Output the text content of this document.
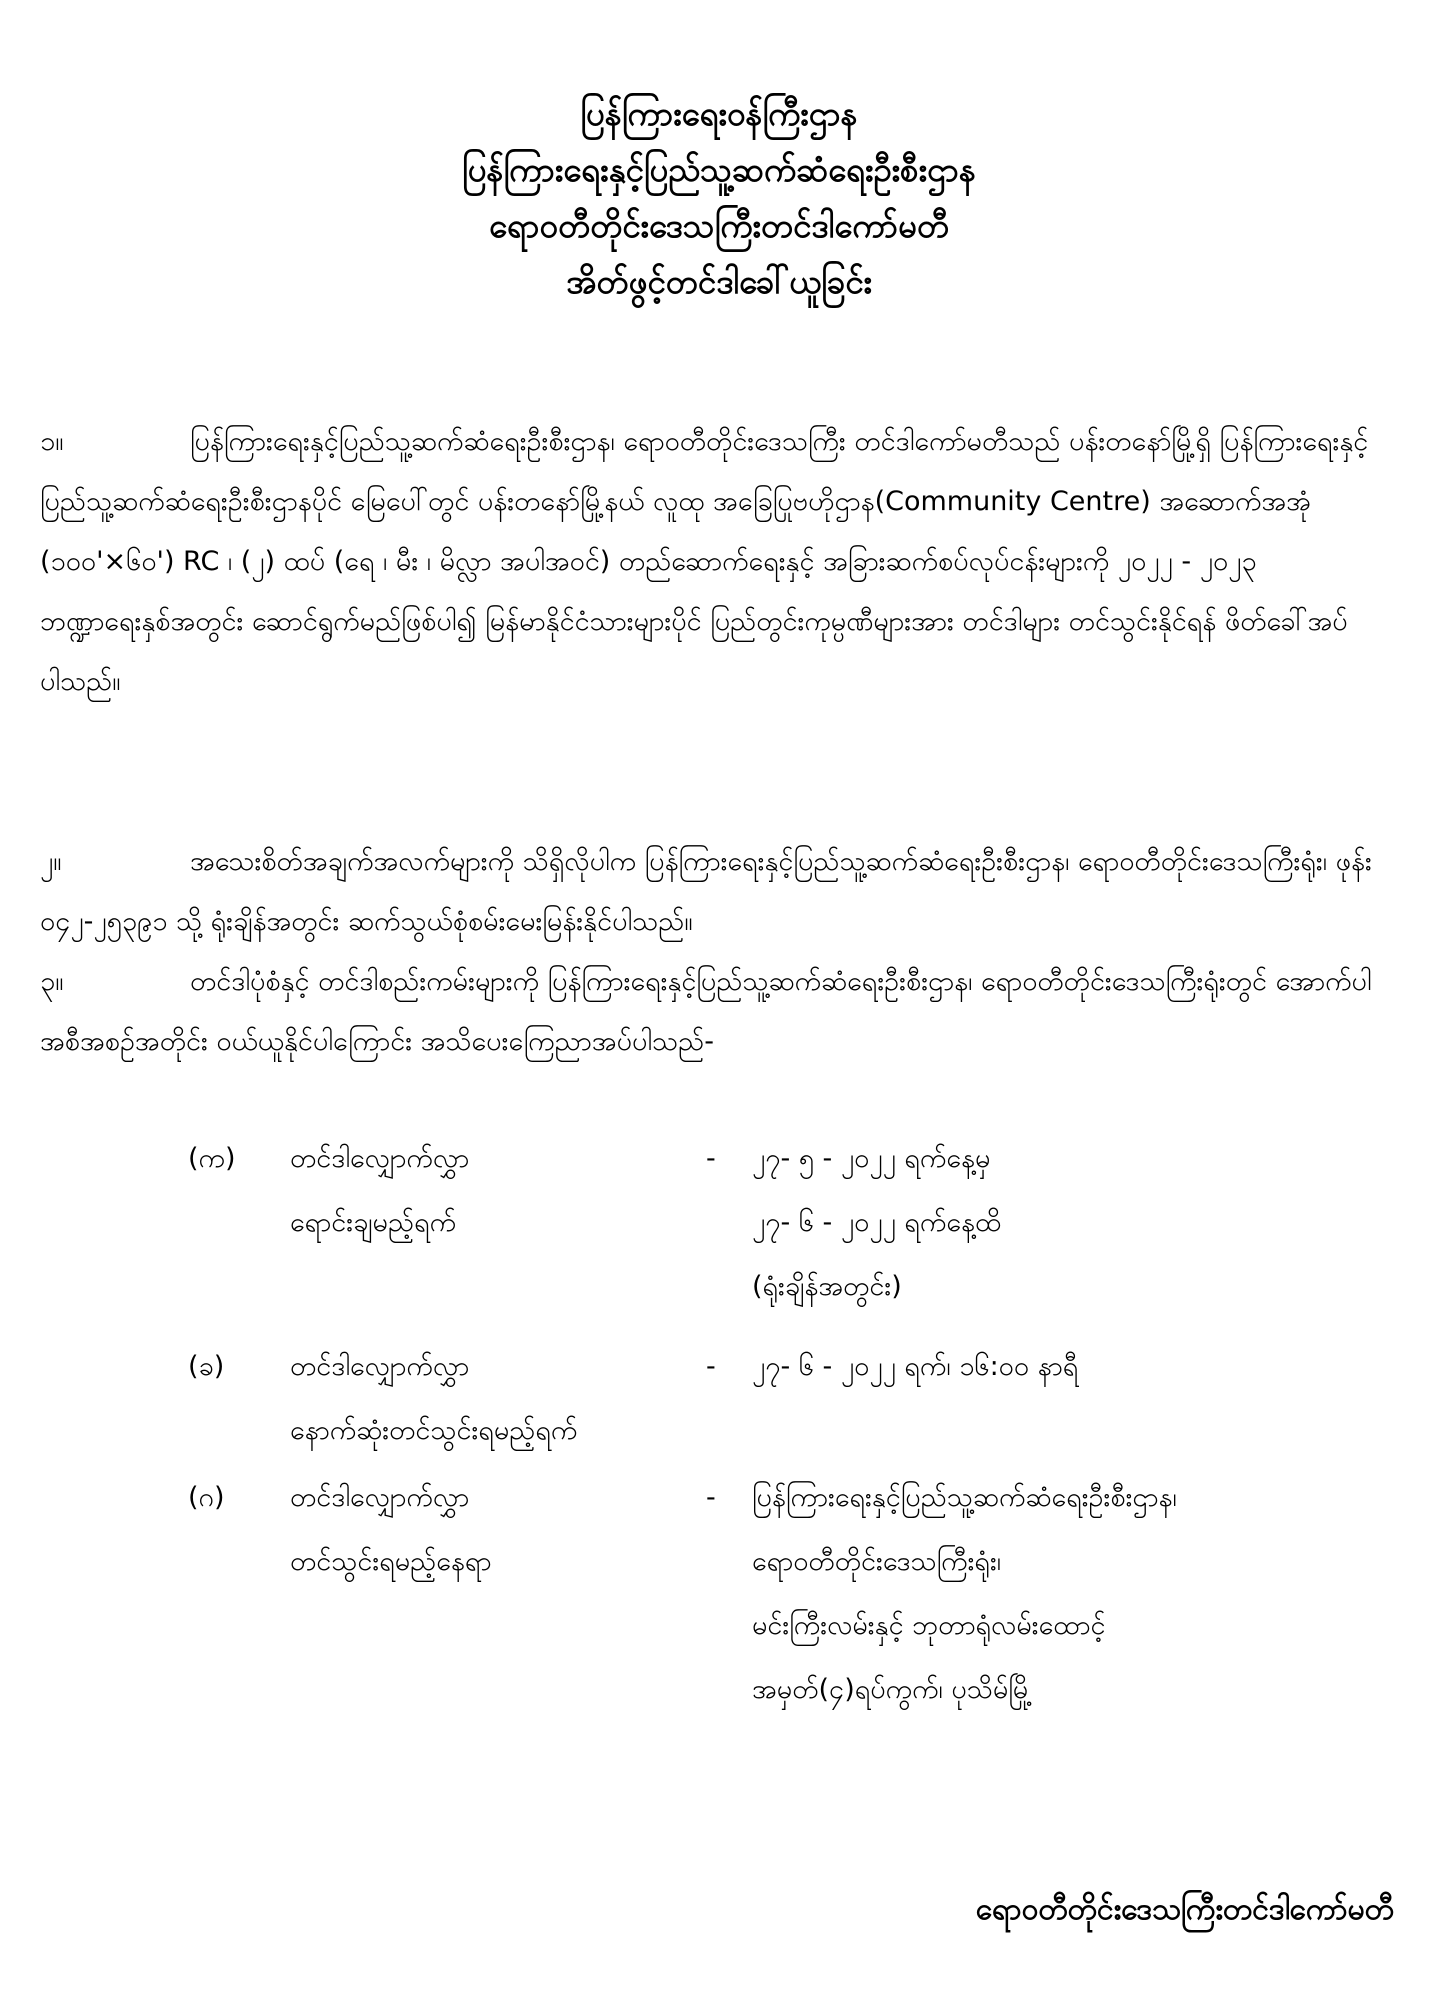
ပြန်ကြားရေးဝန်ကြီးဌာန
ပြန်ကြားရေးနှင့်ပြည်သူ့ဆက်ဆံရေးဦးစီးဌာန
ရောဝတီတိုင်းဒေသကြီးတင်ဒါကော်မတီ
အိတ်ဖွင့်တင်ဒါခေါ်ယူခြင်း
၁။	ပြန်ကြားရေးနှင့်ပြည်သူ့ဆက်ဆံရေးဦးစီးဌာန၊ ရောဝတီတိုင်းဒေသကြီး တင်ဒါကော်မတီသည် ပန်းတနော်မြို့ရှိ ပြန်ကြားရေးနှင့်ပြည်သူ့ဆက်ဆံရေးဦးစီးဌာနပိုင် မြေပေါ်တွင် ပန်းတနော်မြို့နယ် လူထု အခြေပြုဗဟိုဌာန(Community Centre) အဆောက်အအုံ (၁၀၀'×၆၀') RC ၊ (၂) ထပ် (ရေ ၊ မီး ၊ မိလ္လာ အပါအဝင်) တည်ဆောက်ရေးနှင့် အခြားဆက်စပ်လုပ်ငန်းများကို ၂၀၂၂ - ၂၀၂၃ ဘဏ္ဍာရေးနှစ်အတွင်း ဆောင်ရွက်မည်ဖြစ်ပါ၍ မြန်မာနိုင်ငံသားများပိုင် ပြည်တွင်းကုမ္ပဏီများအား တင်ဒါများ တင်သွင်းနိုင်ရန် ဖိတ်ခေါ်အပ်ပါသည်။
၂။	အသေးစိတ်အချက်အလက်များကို သိရှိလိုပါက ပြန်ကြားရေးနှင့်ပြည်သူ့ဆက်ဆံရေးဦးစီးဌာန၊ ရောဝတီတိုင်းဒေသကြီးရုံး၊ ဖုန်း ၀၄၂-၂၅၃၉၁ သို့ ရုံးချိန်အတွင်း ဆက်သွယ်စုံစမ်းမေးမြန်းနိုင်ပါသည်။
၃။	တင်ဒါပုံစံနှင့် တင်ဒါစည်းကမ်းများကို ပြန်ကြားရေးနှင့်ပြည်သူ့ဆက်ဆံရေးဦးစီးဌာန၊ ရောဝတီတိုင်းဒေသကြီးရုံးတွင် အောက်ပါအစီအစဉ်အတိုင်း ဝယ်ယူနိုင်ပါကြောင်း အသိပေးကြေညာအပ်ပါသည်-
(က)	တင်ဒါလျှောက်လွှာ
ရောင်းချမည့်ရက်
-	၂၇- ၅ - ၂၀၂၂ ရက်နေ့မှ
၂၇- ၆ - ၂၀၂၂ ရက်နေ့ထိ
(ရုံးချိန်အတွင်း)
(ခ)	တင်ဒါလျှောက်လွှာ
နောက်ဆုံးတင်သွင်းရမည့်ရက်
-	၂၇- ၆ - ၂၀၂၂ ရက်၊ ၁၆:၀၀ နာရီ
(ဂ)	တင်ဒါလျှောက်လွှာ
တင်သွင်းရမည့်နေရာ
-	ပြန်ကြားရေးနှင့်ပြည်သူ့ဆက်ဆံရေးဦးစီးဌာန၊
ရောဝတီတိုင်းဒေသကြီးရုံး၊
မင်းကြီးလမ်းနှင့် ဘုတာရုံလမ်းထောင့်
အမှတ်(၄)ရပ်ကွက်၊ ပုသိမ်မြို့
ရောဝတီတိုင်းဒေသကြီးတင်ဒါကော်မတီ
